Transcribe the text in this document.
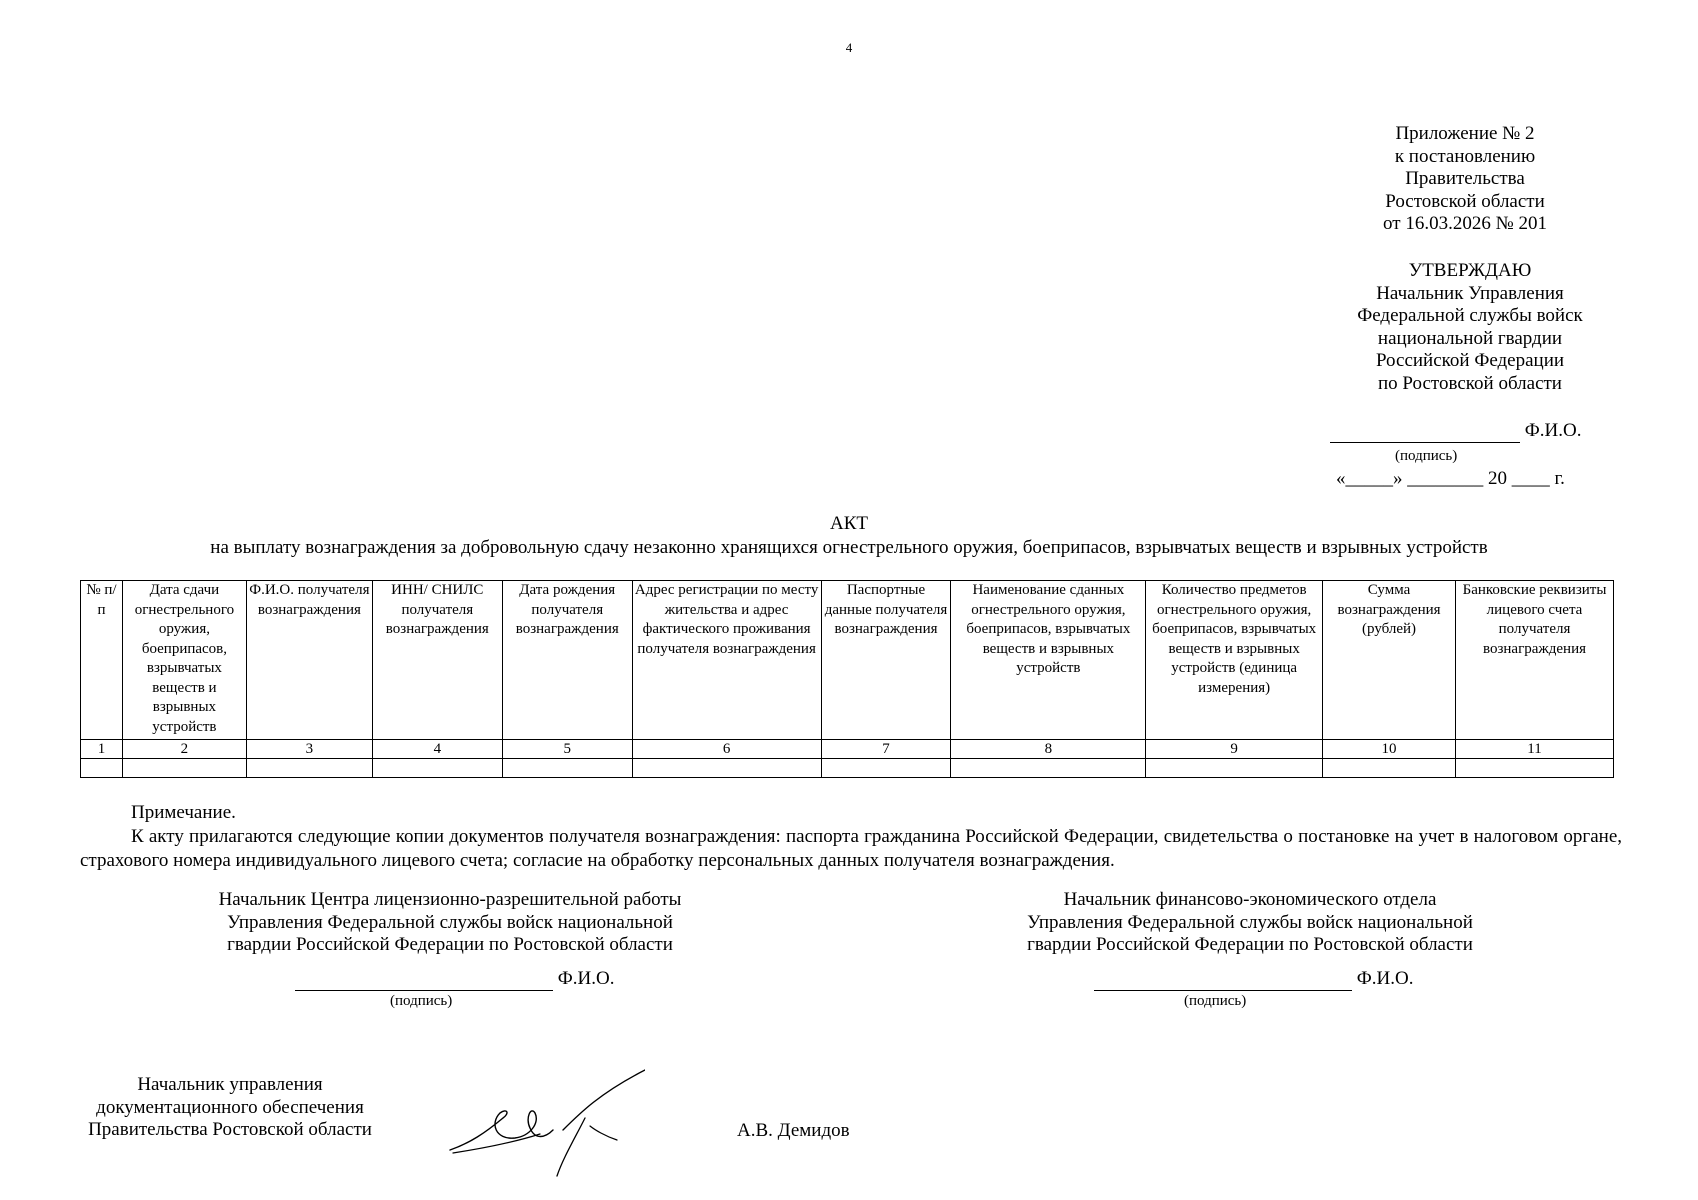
4
Приложение № 2
к постановлению
Правительства
Ростовской области
от 16.03.2026 № 201
УТВЕРЖДАЮ
Начальник Управления
Федеральной службы войск
национальной гвардии
Российской Федерации
по Ростовской области
Ф.И.О.
(подпись)
«_____» ________ 20 ____ г.
АКТ
на выплату вознаграждения за добровольную сдачу незаконно хранящихся огнестрельного оружия, боеприпасов, взрывчатых веществ и взрывных устройств
№ п/п	Дата сдачи огнестрельного оружия, боеприпасов, взрывчатых веществ и взрывных устройств	Ф.И.О. получателя вознаграждения	ИНН/ СНИЛС получателя вознаграждения	Дата рождения получателя вознаграждения	Адрес регистрации по месту жительства и адрес фактического проживания получателя вознаграждения	Паспортные данные получателя вознаграждения	Наименование сданных огнестрельного оружия, боеприпасов, взрывчатых веществ и взрывных устройств	Количество предметов огнестрельного оружия, боеприпасов, взрывчатых веществ и взрывных устройств (единица измерения)	Сумма вознаграждения (рублей)	Банковские реквизиты лицевого счета получателя вознаграждения
1	2	3	4	5	6	7	8	9	10	11

Примечание.
К акту прилагаются следующие копии документов получателя вознаграждения: паспорта гражданина Российской Федерации, свидетельства о постановке на учет в налоговом органе, страхового номера индивидуального лицевого счета; согласие на обработку персональных данных получателя вознаграждения.
Начальник Центра лицензионно-разрешительной работы
Управления Федеральной службы войск национальной
гвардии Российской Федерации по Ростовской области
Ф.И.О.
(подпись)
Начальник финансово-экономического отдела
Управления Федеральной службы войск национальной
гвардии Российской Федерации по Ростовской области
Ф.И.О.
(подпись)
Начальник управления
документационного обеспечения
Правительства Ростовской области	А.В. Демидов
